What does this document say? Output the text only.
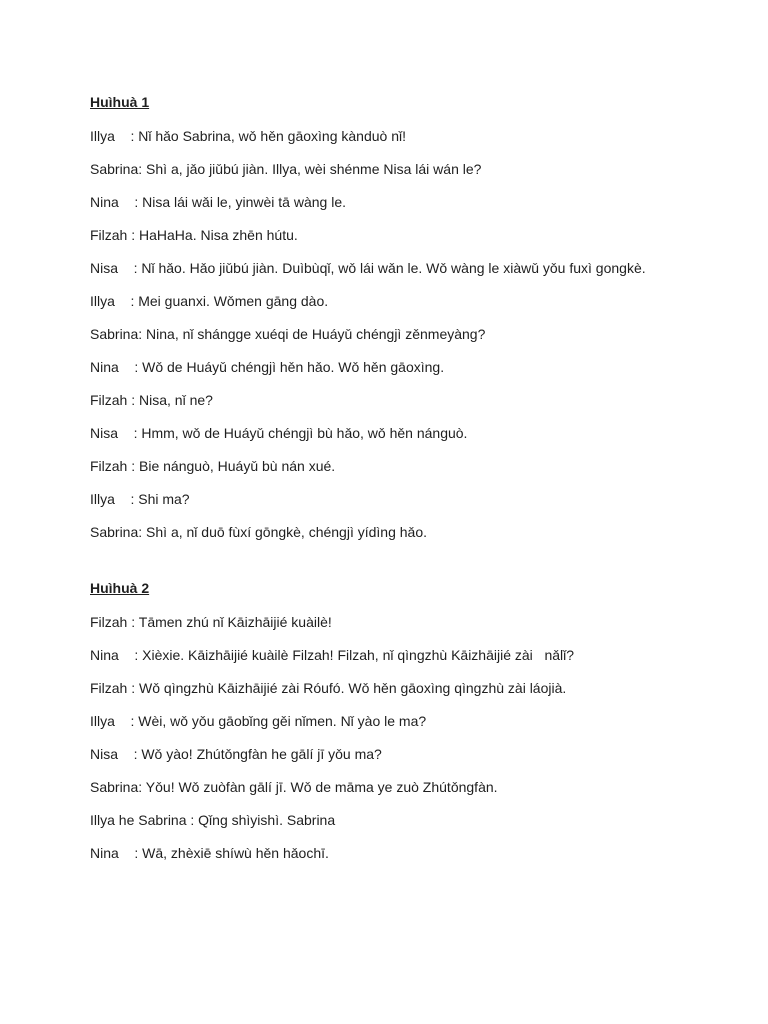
Huìhuà 1
Illya    : Nǐ hǎo Sabrina, wǒ hěn gāoxìng kànduò nǐ!
Sabrina: Shì a, jǎo jiǔbú jiàn. Illya, wèi shénme Nisa lái wán le?
Nina    : Nisa lái wǎi le, yinwèi tā wàng le.
Filzah : HaHaHa. Nisa zhēn hútu.
Nisa    : Nǐ hǎo. Hǎo jiǔbú jiàn. Duìbùqǐ, wǒ lái wǎn le. Wǒ wàng le xiàwǔ yǒu fuxì gongkè.
Illya    : Mei guanxi. Wǒmen gāng dào.
Sabrina: Nina, nǐ shángge xuéqi de Huáyǔ chéngjì zěnmeyàng?
Nina    : Wǒ de Huáyǔ chéngjì hěn hǎo. Wǒ hěn gāoxìng.
Filzah : Nisa, nǐ ne?
Nisa    : Hmm, wǒ de Huáyǔ chéngjì bù hǎo, wǒ hěn nánguò.
Filzah : Bie nánguò, Huáyǔ bù nán xué.
Illya    : Shi ma?
Sabrina: Shì a, nǐ duō fùxí gōngkè, chéngjì yídìng hǎo.
Huìhuà 2
Filzah : Tāmen zhú nǐ Kāizhāijié kuàilè!
Nina    : Xièxie. Kāizhāijié kuàilè Filzah! Filzah, nǐ qìngzhù Kāizhāijié zài   nǎlǐ?
Filzah : Wǒ qìngzhù Kāizhāijié zài Róufó. Wǒ hěn gāoxìng qìngzhù zài láojià.
Illya    : Wèi, wǒ yǒu gāobǐng gěi nǐmen. Nǐ yào le ma?
Nisa    : Wǒ yào! Zhútǒngfàn he gālí jī yǒu ma?
Sabrina: Yǒu! Wǒ zuòfàn gālí jī. Wǒ de māma ye zuò Zhútǒngfàn.
Illya he Sabrina : Qǐng shìyishì. Sabrina
Nina    : Wā, zhèxiē shíwù hěn hǎochī.
